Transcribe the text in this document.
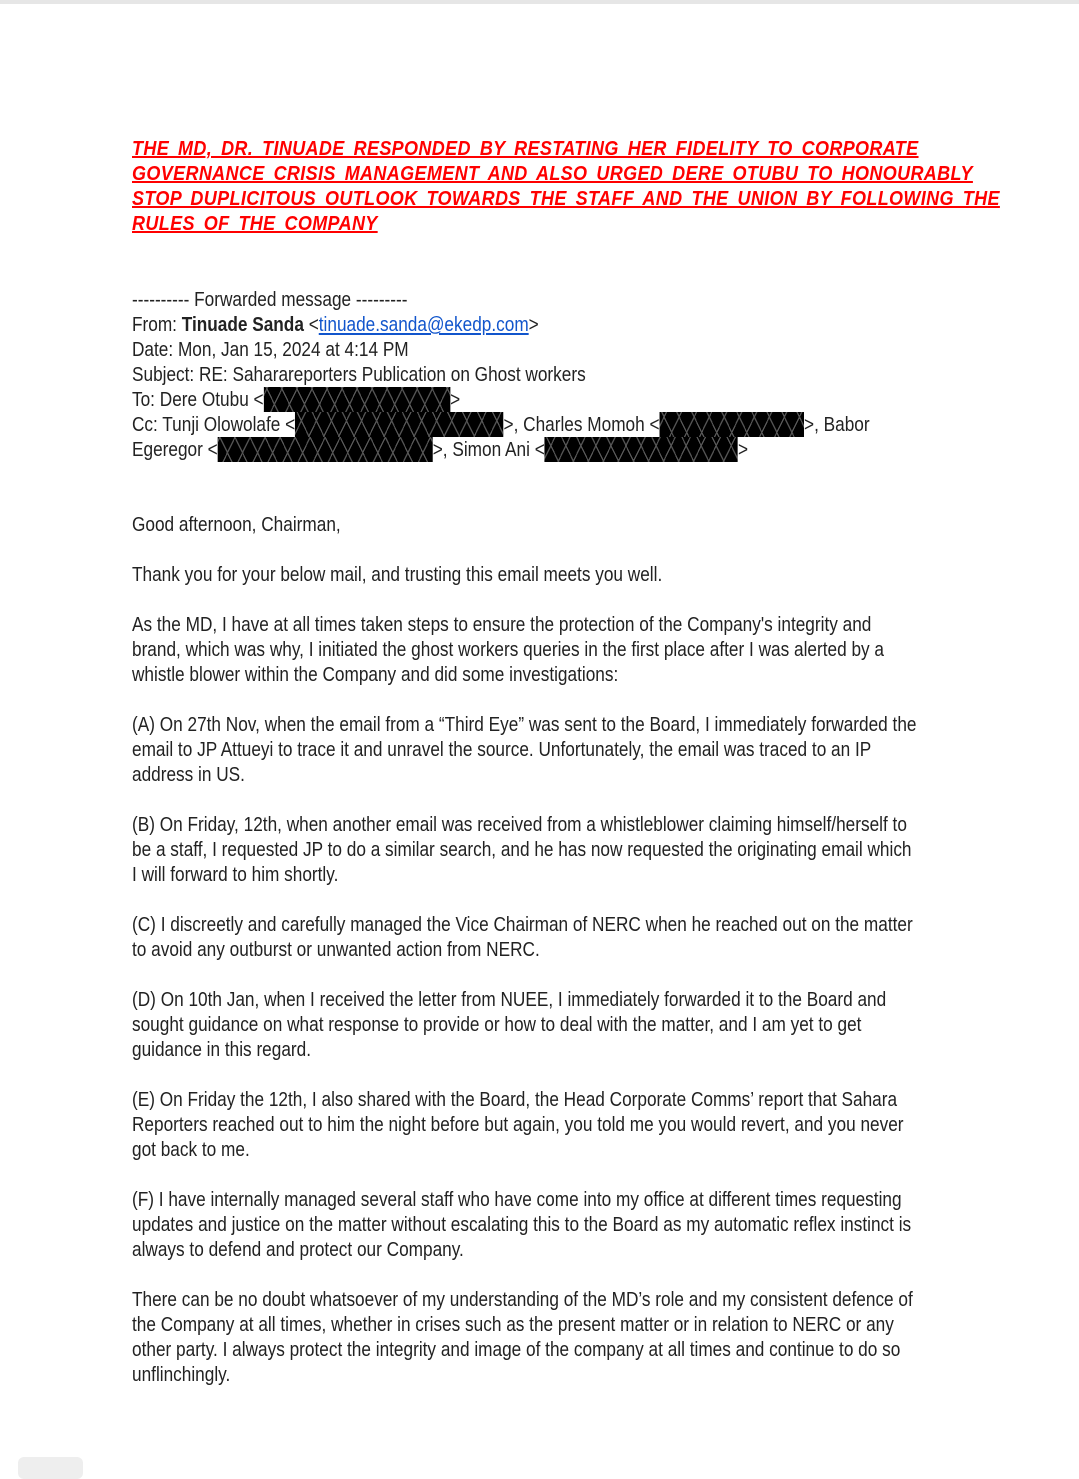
THE MD, DR. TINUADE RESPONDED BY RESTATING HER FIDELITY TO CORPORATE
GOVERNANCE CRISIS MANAGEMENT AND ALSO URGED DERE OTUBU TO HONOURABLY
STOP DUPLICITOUS OUTLOOK TOWARDS THE STAFF AND THE UNION BY FOLLOWING THE
RULES OF THE COMPANY
---------- Forwarded message ---------
From: Tinuade Sanda <tinuade.sanda@ekedp.com>
Date: Mon, Jan 15, 2024 at 4:14 PM
Subject: RE: Saharareporters Publication on Ghost workers
To: Dere Otubu <	>
Cc: Tunji Olowolafe <	>, Charles Momoh <	>, Babor
Egeregor <	>, Simon Ani <	>
Good afternoon, Chairman,
Thank you for your below mail, and trusting this email meets you well.
As the MD, I have at all times taken steps to ensure the protection of the Company's integrity and
brand, which was why, I initiated the ghost workers queries in the first place after I was alerted by a
whistle blower within the Company and did some investigations:
(A) On 27th Nov, when the email from a “Third Eye” was sent to the Board, I immediately forwarded the
email to JP Attueyi to trace it and unravel the source. Unfortunately, the email was traced to an IP
address in US.
(B) On Friday, 12th, when another email was received from a whistleblower claiming himself/herself to
be a staff, I requested JP to do a similar search, and he has now requested the originating email which
I will forward to him shortly.
(C) I discreetly and carefully managed the Vice Chairman of NERC when he reached out on the matter
to avoid any outburst or unwanted action from NERC.
(D) On 10th Jan, when I received the letter from NUEE, I immediately forwarded it to the Board and
sought guidance on what response to provide or how to deal with the matter, and I am yet to get
guidance in this regard.
(E) On Friday the 12th, I also shared with the Board, the Head Corporate Comms’ report that Sahara
Reporters reached out to him the night before but again, you told me you would revert, and you never
got back to me.
(F) I have internally managed several staff who have come into my office at different times requesting
updates and justice on the matter without escalating this to the Board as my automatic reflex instinct is
always to defend and protect our Company.
There can be no doubt whatsoever of my understanding of the MD’s role and my consistent defence of
the Company at all times, whether in crises such as the present matter or in relation to NERC or any
other party. I always protect the integrity and image of the company at all times and continue to do so
unflinchingly.
